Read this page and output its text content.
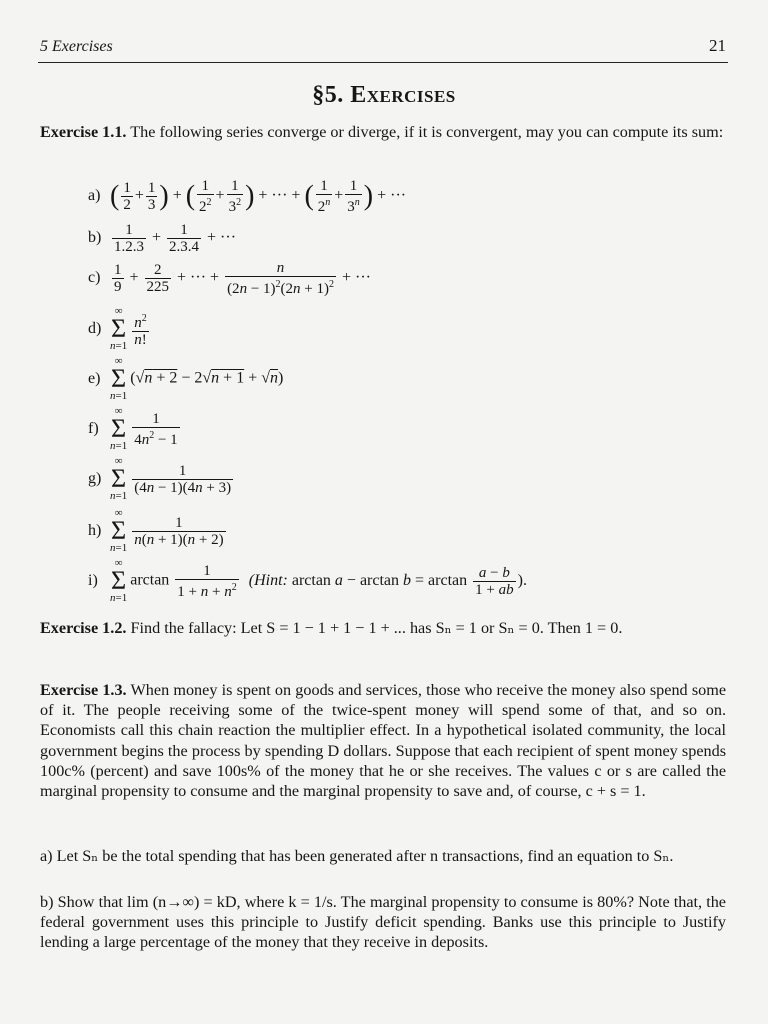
5 Exercises	21
§5. Exercises
Exercise 1.1. The following series converge or diverge, if it is convergent, may you can compute its sum:
a) ( $\frac{1}{2} + \frac{1}{3}$ ) + ( $\frac{1}{2^2} + \frac{1}{3^2}$ ) + ··· + ( $\frac{1}{2^n} + \frac{1}{3^n}$ ) + ···
$b) \frac{1}{1.2.3} + \frac{1}{2.3.4}$ + ···
$c) \frac{1}{9} + \frac{2}{225}$ + ··· + $\frac{n}{(2n - 1)^2(2n + 1)^2}$ + ···
d) ∞
Σ
$n=1 \frac{n^2}{n!}$
e) ∞
Σ
n=1(√n + 2 − 2√n + 1 + √n)
f) ∞
Σ
$n=1 \frac{1}{4n^2 - 1}$
g) ∞
Σ
n=1
$\frac{1}{(4n - 1)(4n + 3)}$
h) ∞
Σ
n=1
$\frac{1}{n(n + 1)(n + 2)}$
i) ∞
Σ
$n=1\arctan \frac{1}{1 + n + n^2}$ (Hint: $\arctan a - \arctan b = \arctan \frac{a - b}{1 + ab}$ ).
Exercise 1.2. Find the fallacy: Let S = 1 − 1 + 1 − 1 + ... has Sₙ = 1 or Sₙ = 0. Then 1 = 0.
Exercise 1.3. When money is spent on goods and services, those who receive the money also spend some of it. The people receiving some of the twice-spent money will spend some of that, and so on. Economists call this chain reaction the multiplier effect. In a hypothetical isolated community, the local government begins the process by spending D dollars. Suppose that each recipient of spent money spends 100c% (percent) and save 100s% of the money that he or she receives. The values c or s are called the marginal propensity to consume and the marginal propensity to save and, of course, c + s = 1.
a) Let Sₙ be the total spending that has been generated after n transactions, find an equation to Sₙ.
b) Show that lim (n→∞) = kD, where k = 1/s. The marginal propensity to consume is 80%? Note that, the federal government uses this principle to Justify deficit spending. Banks use this principle to Justify lending a large percentage of the money that they receive in deposits.
